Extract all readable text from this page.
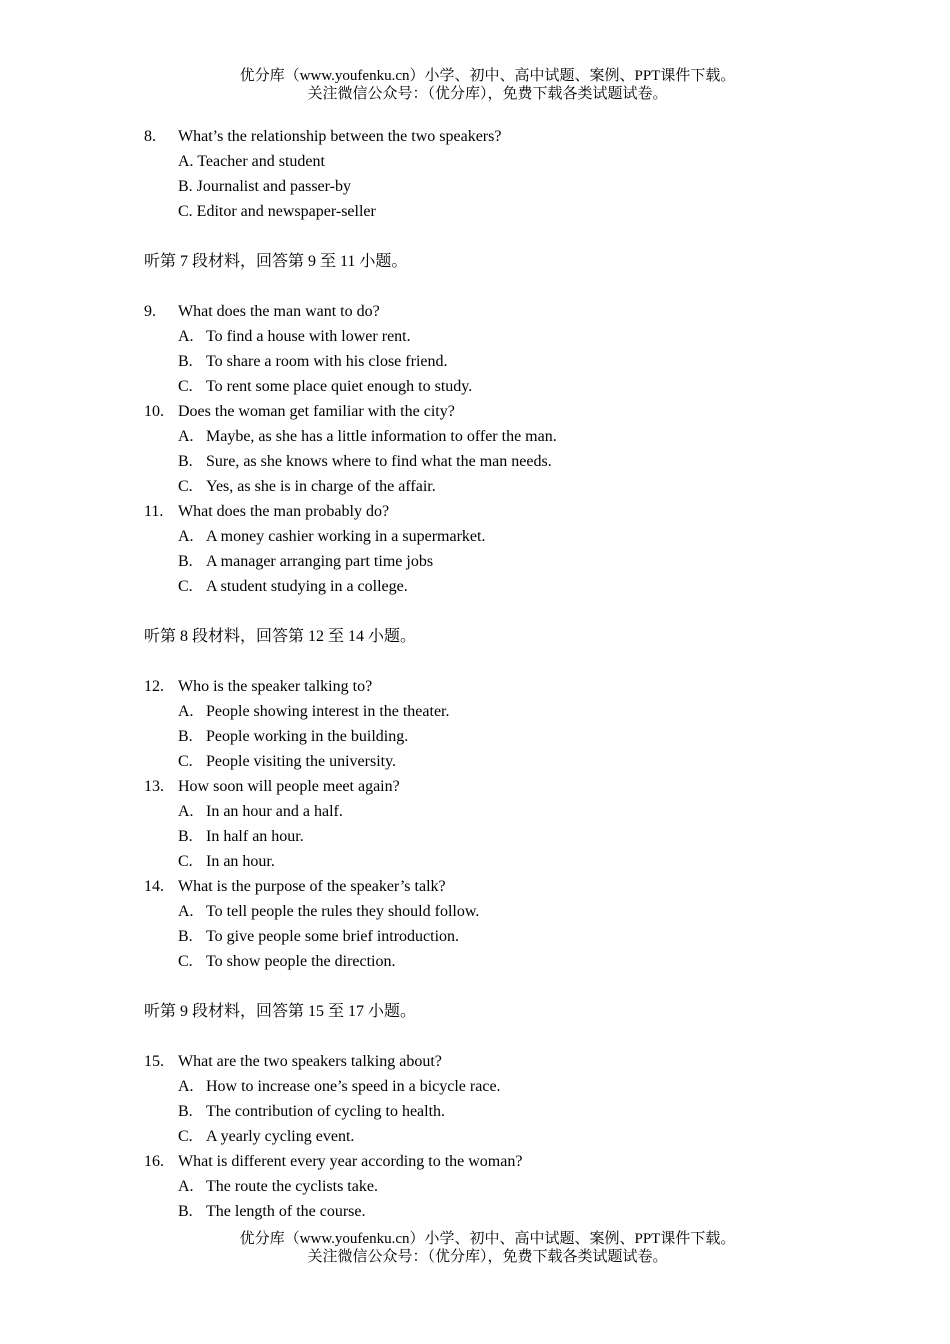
优分库（www.youfenku.cn）小学、初中、高中试题、案例、PPT课件下载。
关注微信公众号：（优分库），免费下载各类试题试卷。
8. What’s the relationship between the two speakers?
A. Teacher and student
B. Journalist and passer-by
C. Editor and newspaper-seller
听第 7 段材料，回答第 9 至 11 小题。
9. What does the man want to do?
A. To find a house with lower rent.
B. To share a room with his close friend.
C. To rent some place quiet enough to study.
10. Does the woman get familiar with the city?
A. Maybe, as she has a little information to offer the man.
B. Sure, as she knows where to find what the man needs.
C. Yes, as she is in charge of the affair.
11. What does the man probably do?
A. A money cashier working in a supermarket.
B. A manager arranging part time jobs
C. A student studying in a college.
听第 8 段材料，回答第 12 至 14 小题。
12. Who is the speaker talking to?
A. People showing interest in the theater.
B. People working in the building.
C. People visiting the university.
13. How soon will people meet again?
A. In an hour and a half.
B. In half an hour.
C. In an hour.
14. What is the purpose of the speaker’s talk?
A. To tell people the rules they should follow.
B. To give people some brief introduction.
C. To show people the direction.
听第 9 段材料，回答第 15 至 17 小题。
15. What are the two speakers talking about?
A. How to increase one’s speed in a bicycle race.
B. The contribution of cycling to health.
C. A yearly cycling event.
16. What is different every year according to the woman?
A. The route the cyclists take.
B. The length of the course.
优分库（www.youfenku.cn）小学、初中、高中试题、案例、PPT课件下载。
关注微信公众号：（优分库），免费下载各类试题试卷。
